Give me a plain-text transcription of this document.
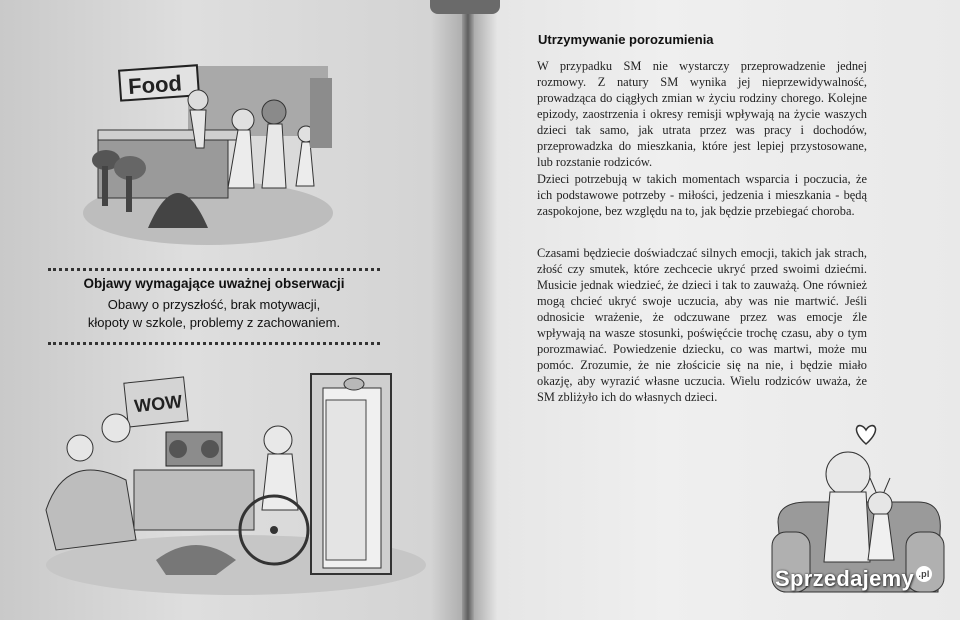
Food
Objawy wymagające uważnej obserwacji
Obawy o przyszłość, brak motywacji,
kłopoty w szkole, problemy z zachowaniem.
WOW
Utrzymywanie porozumienia
W przypadku SM nie wystarczy przeprowadzenie jednej rozmowy. Z natury SM wynika jej nieprzewidywalność, prowadząca do ciągłych zmian w życiu rodziny chorego. Kolejne epizody, zaostrzenia i okresy remisji wpływają na życie waszych dzieci tak samo, jak utrata przez was pracy i dochodów, przeprowadzka do mieszkania, które jest lepiej przystosowane, lub rozstanie rodziców.
Dzieci potrzebują w takich momentach wsparcia i poczucia, że ich podstawowe potrzeby - miłości, jedzenia i mieszkania - będą zaspokojone, bez względu na to, jak będzie przebiegać choroba.
Czasami będziecie doświadczać silnych emocji, takich jak strach, złość czy smutek, które zechcecie ukryć przed swoimi dziećmi. Musicie jednak wiedzieć, że dzieci i tak to zauważą. One również mogą chcieć ukryć swoje uczucia, aby was nie martwić. Jeśli odnosicie wrażenie, że odczuwane przez was emocje źle wpływają na wasze stosunki, poświęćcie trochę czasu, aby o tym porozmawiać. Powiedzenie dziecku, co was martwi, może mu pomóc. Zrozumie, że nie złościcie się na nie, i będzie miało okazję, aby wyrazić własne uczucia. Wielu rodziców uważa, że SM zbliżyło ich do własnych dzieci.
Sprzedajemy .pl
